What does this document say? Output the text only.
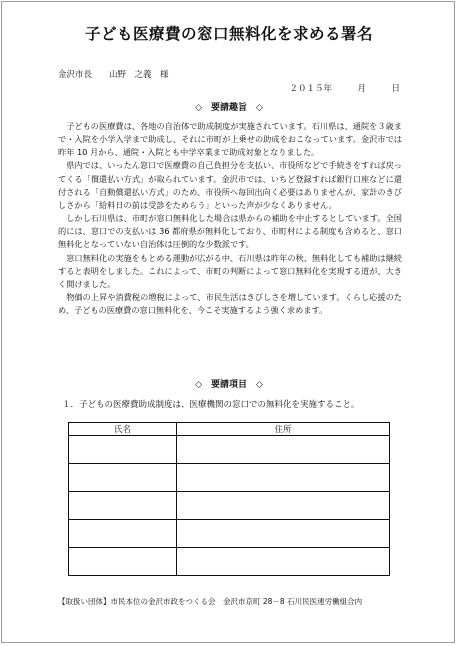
子ども医療費の窓口無料化を求める署名
金沢市長　　山野　之義　様
２０１５年　　　月　　　日
◇　要請趣旨　◇

子どもの医療費は、各地の自治体で助成制度が実施されています。石川県は、通院を３歳まで・入院を小学入学まで助成し、それに市町が上乗せの助成をおこなっています。金沢市では昨年 10 月から、通院・入院とも中学卒業まで助成対象となりました。

県内では、いったん窓口で医療費の自己負担分を支払い、市役所などで手続きをすれば戻ってくる「償還払い方式」が取られています。金沢市では、いちど登録すれば銀行口座などに還付される「自動償還払い方式」のため、市役所へ毎回出向く必要はありませんが、家計のきびしさから「給料日の前は受診をためらう」といった声が少なくありません。

しかし石川県は、市町が窓口無料化した場合は県からの補助を中止するとしています。全国的には、窓口での支払いは 36 都府県が無料化しており、市町村による制度も含めると、窓口無料化となっていない自治体は圧倒的な少数派です。

窓口無料化の実施をもとめる運動が広がる中、石川県は昨年の秋、無料化しても補助は継続すると表明をしました。これによって、市町の判断によって窓口無料化を実現する道が、大きく開けました。

物価の上昇や消費税の増税によって、市民生活はきびしさを増しています。くらし応援のため、子どもの医療費の窓口無料化を、今こそ実施するよう強く求めます。

◇　要請項目　◇
１．子どもの医療費助成制度は、医療機関の窓口での無料化を実施すること。
氏名	住所

【取扱い団体】市民本位の金沢市政をつくる会　金沢市京町 28－8 石川民医連労働組合内
